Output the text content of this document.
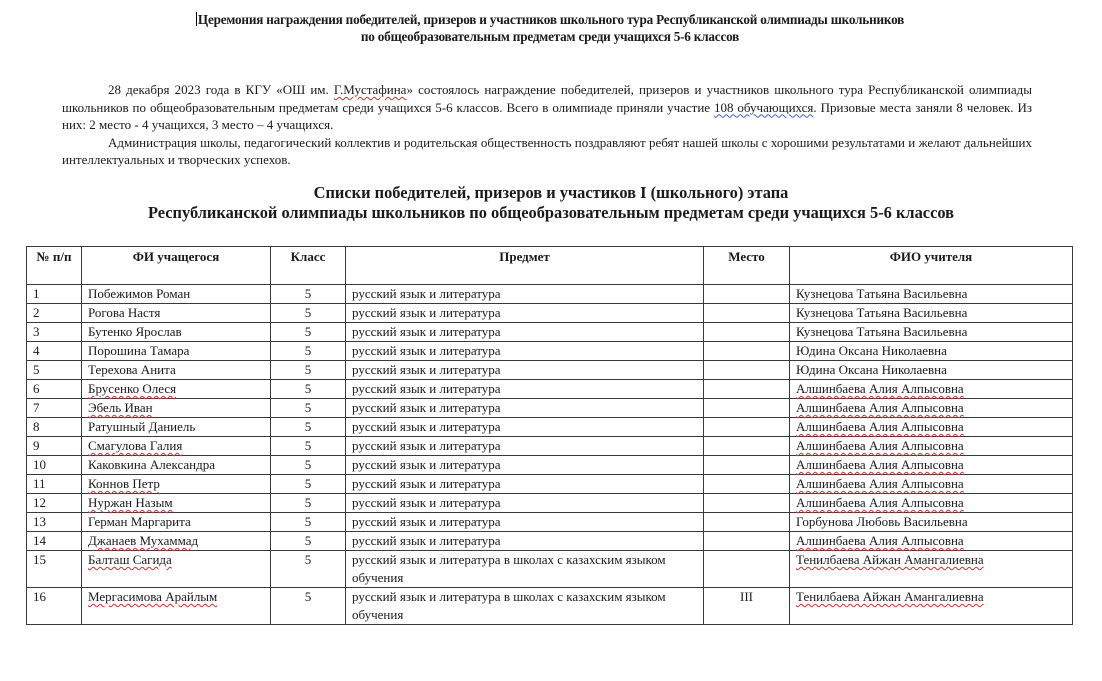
Церемония награждения победителей, призеров и участников школьного тура Республиканской олимпиады школьников
по общеобразовательным предметам среди учащихся 5-6 классов

28 декабря 2023 года в КГУ «ОШ им. Г.Мустафина» состоялось награждение победителей, призеров и участников школьного тура Республиканской олимпиады школьников по общеобразовательным предметам среди учащихся 5-6 классов. Всего в олимпиаде приняли участие 108 обучающихся. Призовые места заняли 8 человек. Из них: 2 место - 4 учащихся, 3 место – 4 учащихся.

Администрация школы, педагогический коллектив и родительская общественность поздравляют ребят нашей школы с хорошими результатами и желают дальнейших интеллектуальных и творческих успехов.

Списки победителей, призеров и участиков I (школьного) этапа
Республиканской олимпиады школьников по общеобразовательным предметам среди учащихся 5-6 классов
№ п/п	ФИ учащегося	Класс	Предмет	Место	ФИО учителя
1	Побежимов Роман	5	русский язык и литература		Кузнецова Татьяна Васильевна
2	Рогова Настя	5	русский язык и литература		Кузнецова Татьяна Васильевна
3	Бутенко Ярослав	5	русский язык и литература		Кузнецова Татьяна Васильевна
4	Порошина Тамара	5	русский язык и литература		Юдина Оксана Николаевна
5	Терехова Анита	5	русский язык и литература		Юдина Оксана Николаевна
6	Брусенко Олеся	5	русский язык и литература		Алшинбаева Алия Алпысовна
7	Эбель Иван	5	русский язык и литература		Алшинбаева Алия Алпысовна
8	Ратушный Даниель	5	русский язык и литература		Алшинбаева Алия Алпысовна
9	Смагулова Галия	5	русский язык и литература		Алшинбаева Алия Алпысовна
10	Каковкина Александра	5	русский язык и литература		Алшинбаева Алия Алпысовна
11	Коннов Петр	5	русский язык и литература		Алшинбаева Алия Алпысовна
12	Нуржан Назым	5	русский язык и литература		Алшинбаева Алия Алпысовна
13	Герман Маргарита	5	русский язык и литература		Горбунова Любовь Васильевна
14	Джанаев Мухаммад	5	русский язык и литература		Алшинбаева Алия Алпысовна
15	Балташ Сагида	5	русский язык и литература в школах с казахским языком обучения		Тенилбаева Айжан Амангалиевна
16	Мергасимова Арайлым	5	русский язык и литература в школах с казахским языком обучения	III	Тенилбаева Айжан Амангалиевна
